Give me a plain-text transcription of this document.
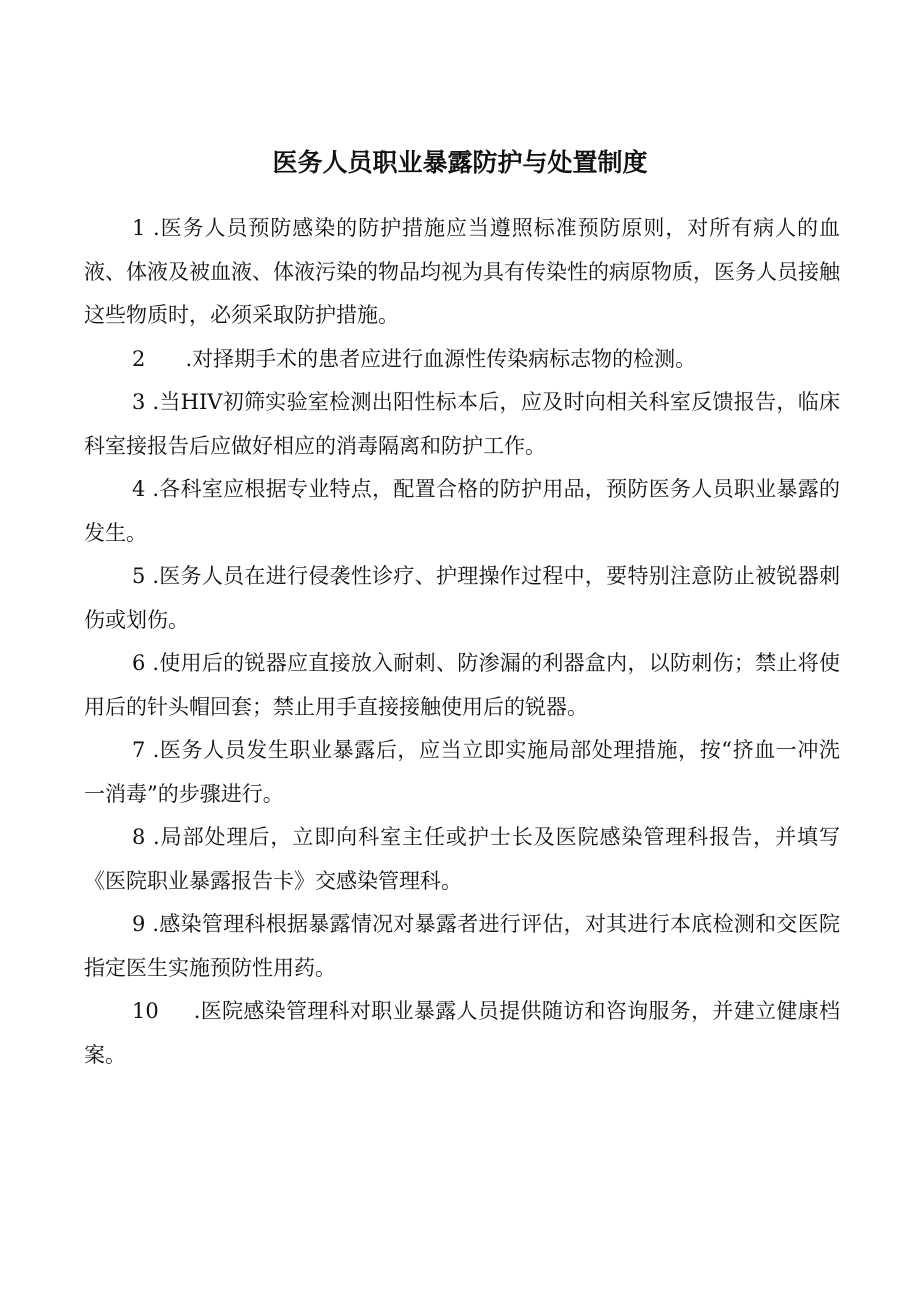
医务人员职业暴露防护与处置制度

1 .医务人员预防感染的防护措施应当遵照标准预防原则，对所有病人的血液、体液及被血液、体液污染的物品均视为具有传染性的病原物质，医务人员接触这些物质时，必须采取防护措施。

2 .对择期手术的患者应进行血源性传染病标志物的检测。

3 .当HIV初筛实验室检测出阳性标本后，应及时向相关科室反馈报告，临床科室接报告后应做好相应的消毒隔离和防护工作。

4 .各科室应根据专业特点，配置合格的防护用品，预防医务人员职业暴露的发生。

5 .医务人员在进行侵袭性诊疗、护理操作过程中，要特别注意防止被锐器刺伤或划伤。

6 .使用后的锐器应直接放入耐刺、防渗漏的利器盒内，以防刺伤；禁止将使用后的针头帽回套；禁止用手直接接触使用后的锐器。

7 .医务人员发生职业暴露后，应当立即实施局部处理措施，按“挤血一冲洗一消毒”的步骤进行。

8 .局部处理后，立即向科室主任或护士长及医院感染管理科报告，并填写《医院职业暴露报告卡》交感染管理科。

9 .感染管理科根据暴露情况对暴露者进行评估，对其进行本底检测和交医院指定医生实施预防性用药。

10 .医院感染管理科对职业暴露人员提供随访和咨询服务，并建立健康档案。
